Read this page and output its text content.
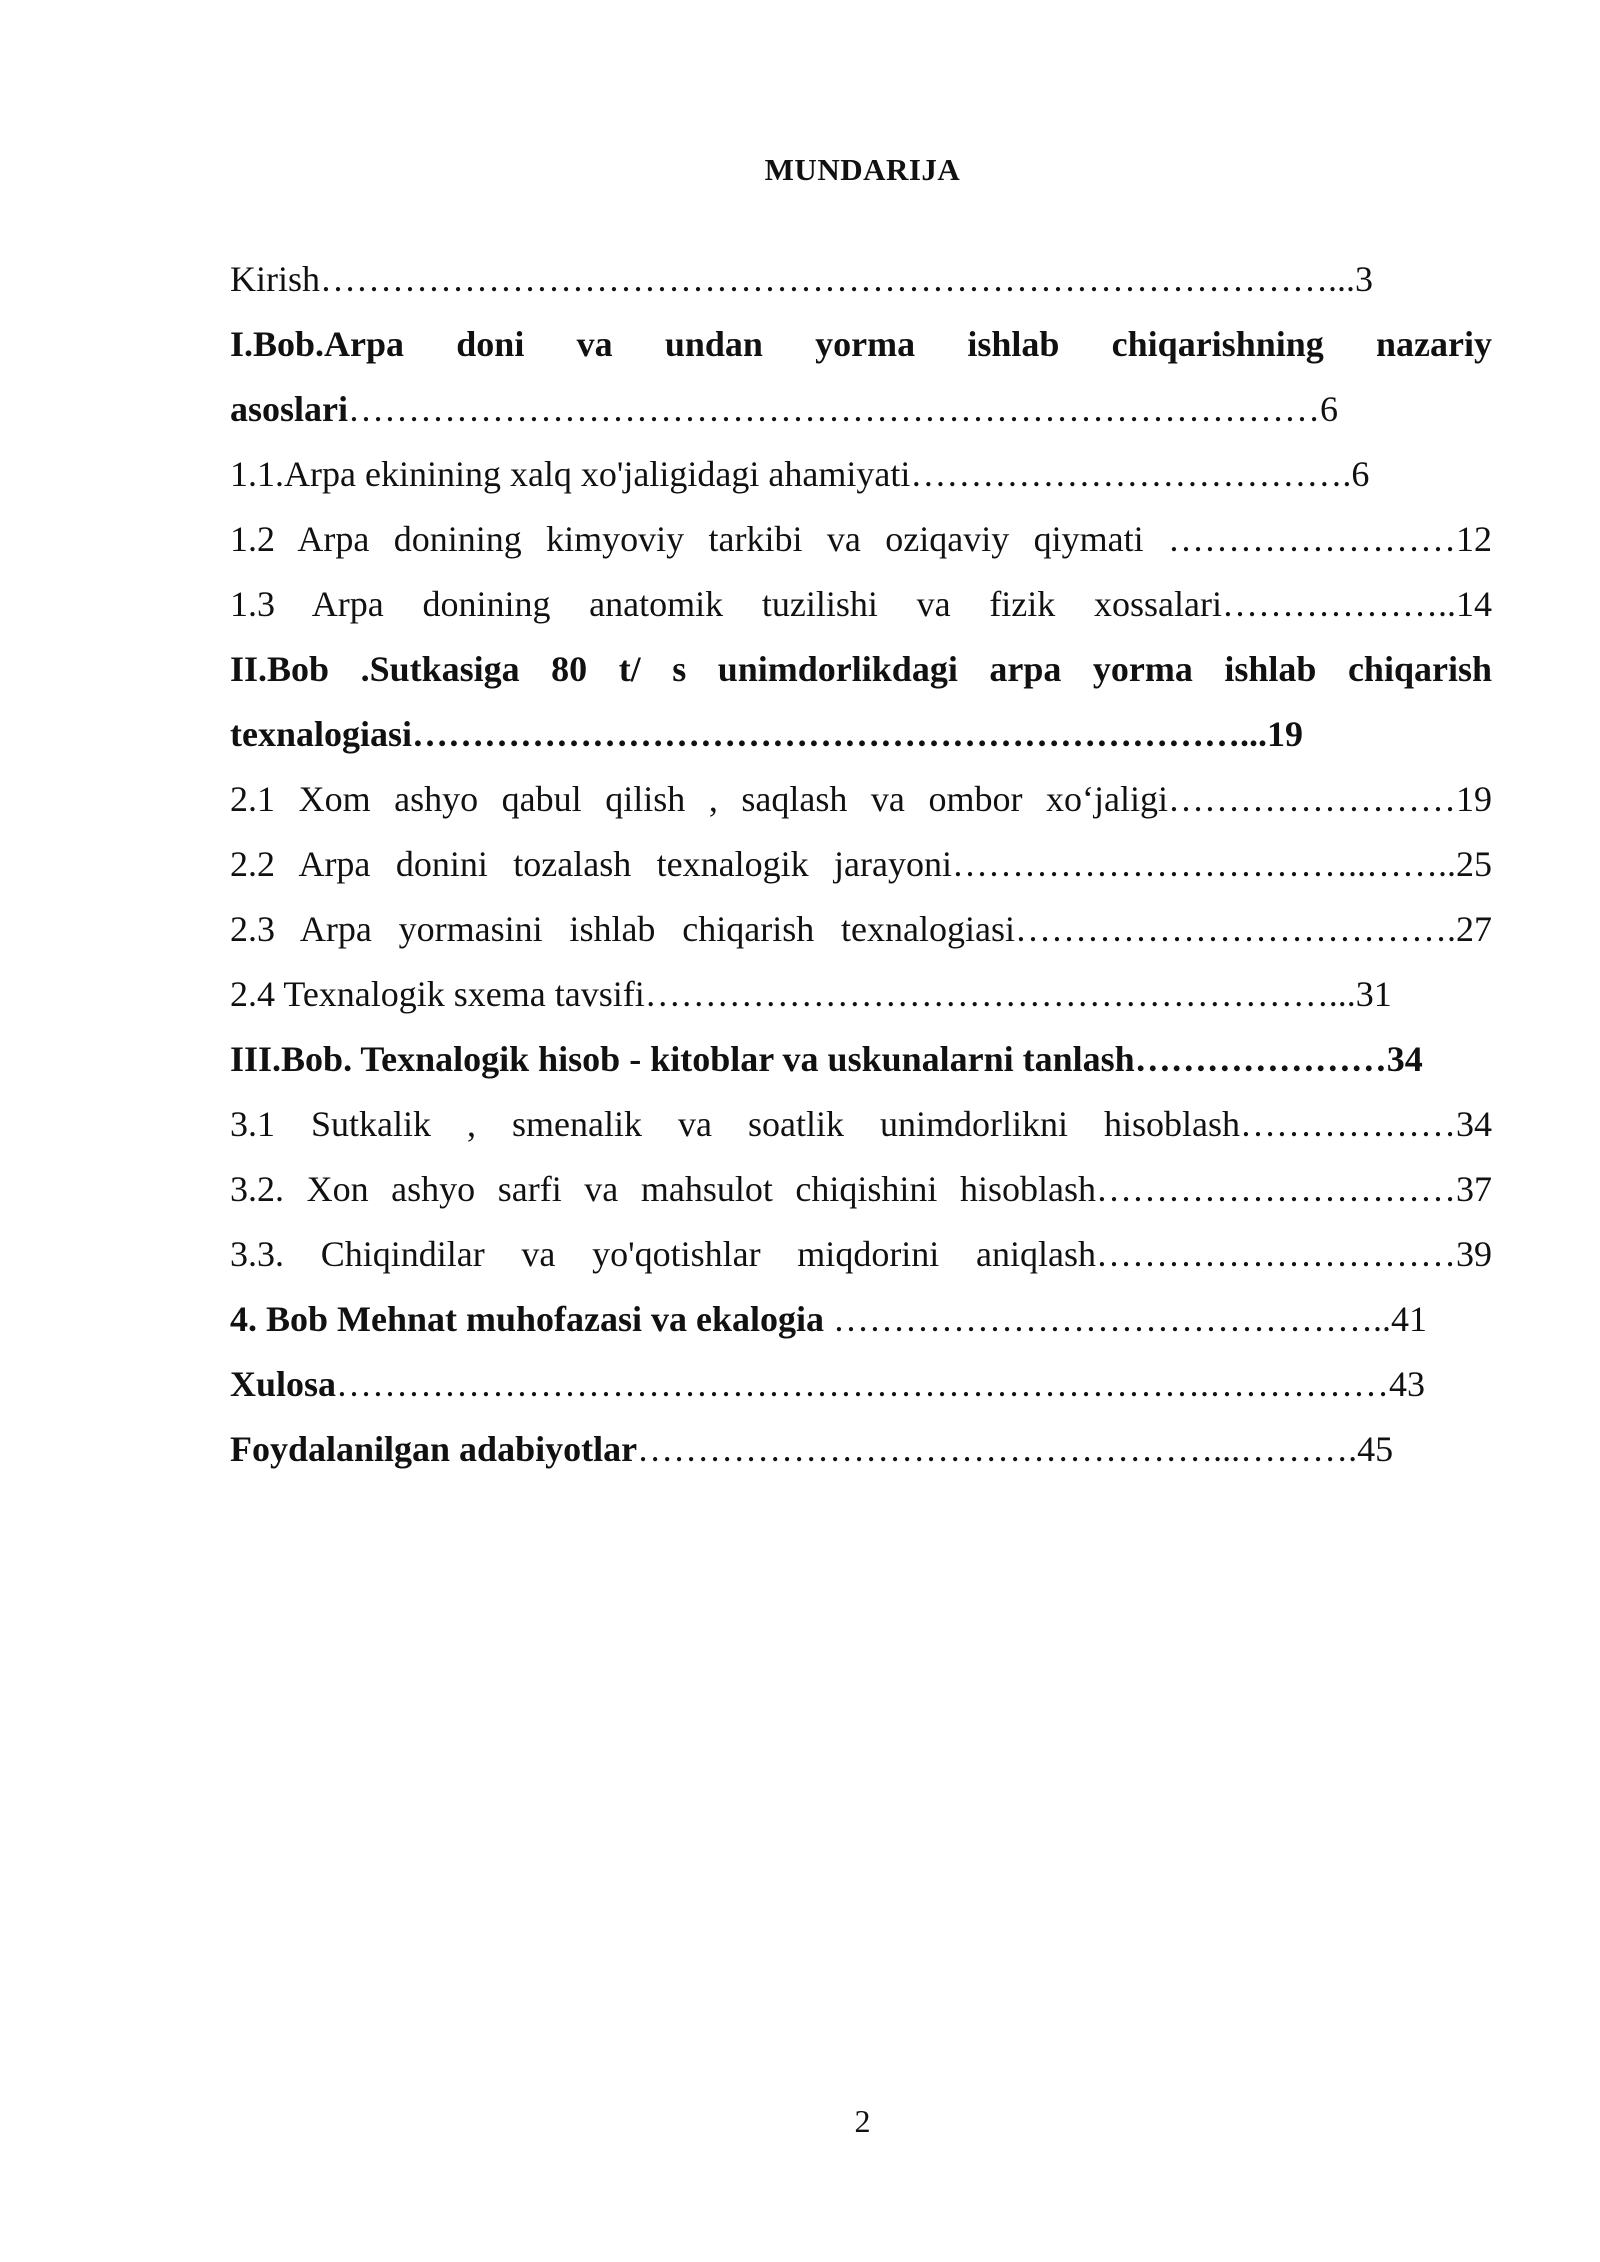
MUNDARIJA
Kirish…………………………………………………………………………...3
I.Bob.Arpa doni va undan yorma ishlab chiqarishning nazariy
asoslari………………………………………………………………………6
1.1.Arpa ekinining xalq xo'jaligidagi ahamiyati……………………………….6
1.2 Arpa donining kimyoviy tarkibi va oziqaviy qiymati ……………………12
1.3 Arpa donining anatomik tuzilishi va fizik xossalari………………..14
II.Bob .Sutkasiga 80 t/ s unimdorlikdagi arpa yorma ishlab chiqarish
texnalogiasi……………………………………………………………...19
2.1 Xom ashyo qabul qilish , saqlash va ombor xo‘jaligi……………………19
2.2 Arpa donini tozalash texnalogik jarayoni……………………………..……..25
2.3 Arpa yormasini ishlab chiqarish texnalogiasi……………………………….27
2.4 Texnalogik sxema tavsifi…………………………………………………...31
III.Bob. Texnalogik hisob - kitoblar va uskunalarni tanlash…………………34
3.1 Sutkalik , smenalik va soatlik unimdorlikni hisoblash………………34
3.2. Xon ashyo sarfi va mahsulot chiqishini hisoblash…………………………37
3.3. Chiqindilar va yo'qotishlar miqdorini aniqlash…………………………39
4. Bob Mehnat muhofazasi va ekalogia ………………………………………..41
Xulosa……………………………………………………………….……………43
Foydalanilgan adabiyotlar…………………………………………...……….45
2
